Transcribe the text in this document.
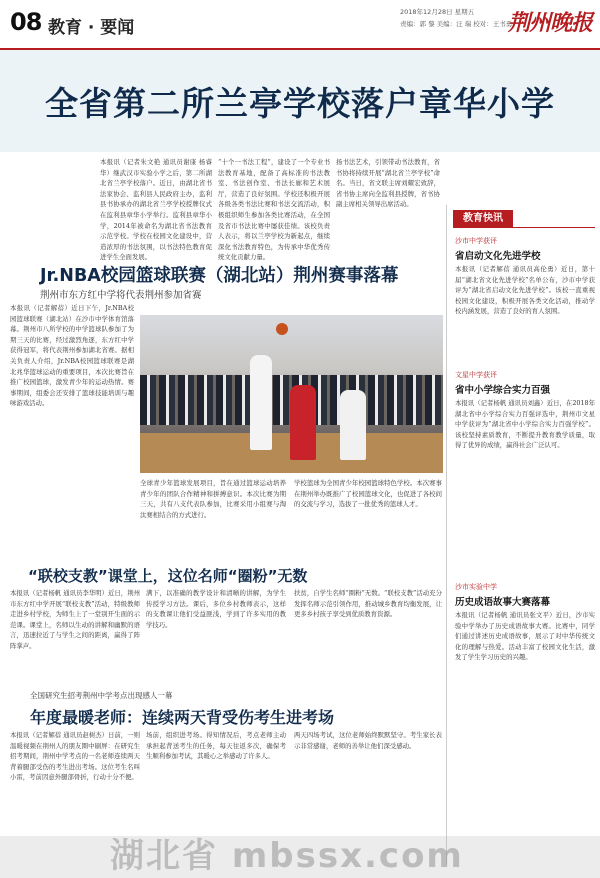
08 教育 · 要闻
2018年12月28日 星期五
责编：郭 黎 美编：汪 瑞 校对：王书勇
荆州晚报
全省第二所兰亭学校落户章华小学
本报讯（记者朱文艳 通讯员谢康 杨睿华）继武汉市实验小学之后，第二所湖北省兰亭学校落户。近日，由湖北省书法家协会、监利县人民政府主办，监利县书协承办的湖北省兰亭学校授牌仪式在监利县章华小学举行。监利县章华小学，2014年被命名为湖北省书法教育示范学校。学校在校园文化建设中，营造浓厚的书法氛围，以书法特色教育促进学生全面发展。
“十个一书法工程”，建设了一个专业书法教育基地，配备了高标准的书法教室、书法创作室、书法长廊和艺术展厅，营造了良好氛围。学校还积极开展各级各类书法比赛和书法交流活动，积极组织师生参加各类比赛活动，在全国及省市书法比赛中屡获佳绩。该校负责人表示，将以兰亭学校为新起点，继续深化书法教育特色，为传承中华优秀传统文化贡献力量。
扬书法艺术，引领带动书法教育，省书协将持续开展“湖北省兰亭学校”命名。当日，省文联主席刘耀宏致辞，省书协主席向全监利县授牌，省书协副主席相关领导出席活动。
教育快讯
沙市中学获评
省启动文化先进学校
本报讯（记者解蓓 通讯员高伦勇）近日，第十届“湖北省文化先进学校”名单公布，沙市中学获评为“湖北省启动文化先进学校”。该校一直重视校园文化建设，积极开展各类文化活动，推动学校内涵发展，营造了良好的育人氛围。
文星中学获评
省中小学综合实力百强
本报讯（记者杨帆 通讯员刘鑫）近日，在2018年湖北省中小学综合实力百强评选中，荆州市文星中学获评为“湖北省中小学综合实力百强学校”。该校坚持素质教育，不断提升教育教学质量，取得了优异的成绩，赢得社会广泛认可。
沙市实验中学
历史成语故事大赛落幕
本报讯（记者杨帆 通讯员张文平）近日，沙市实验中学举办了历史成语故事大赛。比赛中，同学们通过讲述历史成语故事，展示了对中华传统文化的理解与热爱。活动丰富了校园文化生活，激发了学生学习历史的兴趣。
Jr.NBA校园篮球联赛（湖北站）荆州赛事落幕
荆州市东方红中学将代表荆州参加省赛
本报讯（记者解蓓）近日下午，Jr.NBA校园篮球联赛（湖北站）在沙市中学体育馆落幕。荆州市八所学校的中学篮球队参加了为期三天的比赛，经过激烈角逐，东方红中学获得冠军，将代表荆州参加湖北省赛。据相关负责人介绍，Jr.NBA校园篮球联赛是湖北兆华篮球运动的重要项目，本次比赛旨在推广校园篮球，激发青少年的运动热情。赛事期间，组委会还安排了篮球技能培训与趣味游戏活动。
全球青少年篮球发展项目，旨在通过篮球运动培养青少年的团队合作精神和拼搏意识。本次比赛为期三天，共有八支代表队参加，比赛采用小组赛与淘汰赛相结合的方式进行。
学校篮球为全国青少年校园篮球特色学校。本次赛事在荆州举办既推广了校园篮球文化，也促进了各校间的交流与学习，选拔了一批优秀的篮球人才。
“联校支教”课堂上，这位名师“圈粉”无数
本报讯（记者杨帆 通讯员李华明）近日，荆州市东方红中学开展“联校支教”活动，特级教师走进乡村学校，为师生上了一堂别开生面的示范课。课堂上，名师以生动的讲解和幽默的语言，迅速拉近了与学生之间的距离，赢得了阵阵掌声。
满下，以准确的教学设计和清晰的讲解，为学生传授学习方法。课后，多位乡村教师表示，这样的支教课让他们受益匪浅，学到了许多实用的教学技巧。
扶贫，自学生名师“圈粉”无数。“联校支教”活动充分发挥名师示范引领作用，推动城乡教育均衡发展，让更多乡村孩子享受到优质教育资源。
全国研究生招考荆州中学考点出现感人一幕
年度最暖老师：连续两天背受伤考生进考场
本报讯（记者解蓓 通讯员赵树杰）日前，一则温暖视频在荆州人的朋友圈中刷屏：在研究生招考期间，荆州中学考点的一名老师连续两天背着腿部受伤的考生进出考场。这位考生名叫小雷，考前因意外腿部骨折，行动十分不便。
场前，组织进考场。得知情况后，考点老师主动承担起背送考生的任务，每天往返多次，确保考生顺利参加考试，其暖心之举感动了许多人。
两天四场考试，这位老师始终默默坚守。考生家长表示非常感谢，老师的善举让他们深受感动。
湖北省 mbssx.com
